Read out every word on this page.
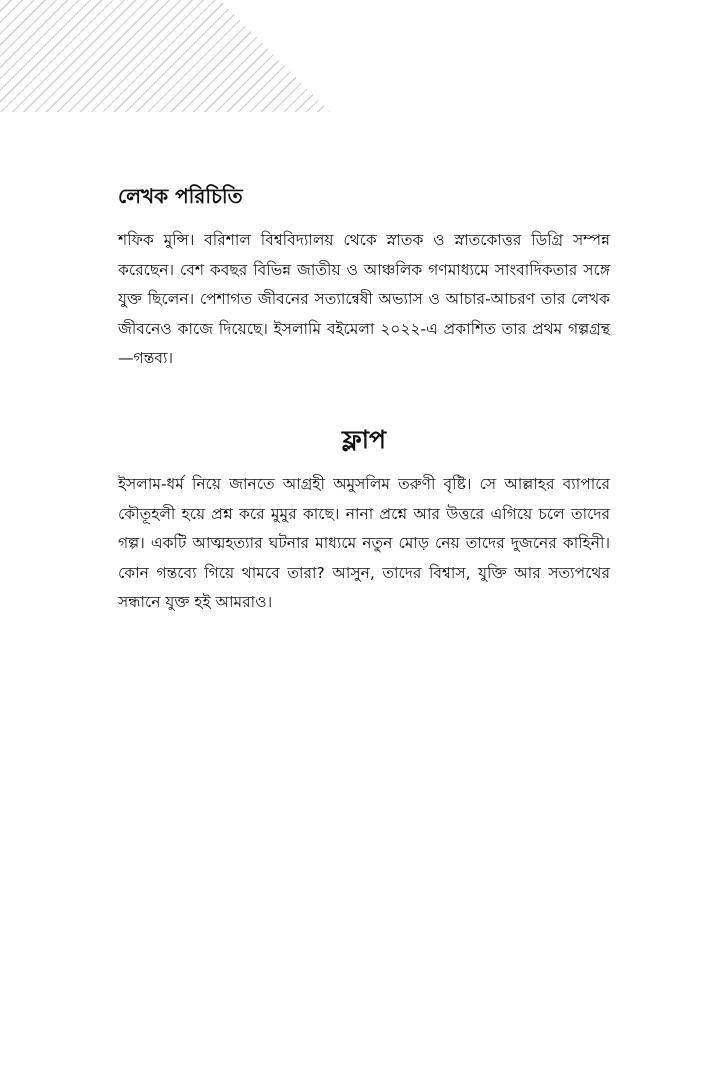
লেখক পরিচিতি

শফিক মুন্সি। বরিশাল বিশ্ববিদ্যালয় থেকে স্নাতক ও স্নাতকোত্তর ডিগ্রি সম্পন্ন করেছেন। বেশ কবছর বিভিন্ন জাতীয় ও আঞ্চলিক গণমাধ্যমে সাংবাদিকতার সঙ্গে যুক্ত ছিলেন। পেশাগত জীবনের সত্যান্বেষী অভ্যাস ও আচার-আচরণ তার লেখক জীবনেও কাজে দিয়েছে। ইসলামি বইমেলা ২০২২-এ প্রকাশিত তার প্রথম গল্পগ্রন্থ—গন্তব্য।

ফ্লাপ

ইসলাম-ধর্ম নিয়ে জানতে আগ্রহী অমুসলিম তরুণী বৃষ্টি। সে আল্লাহর ব্যাপারে কৌতূহলী হয়ে প্রশ্ন করে মুমুর কাছে। নানা প্রশ্নে আর উত্তরে এগিয়ে চলে তাদের গল্প। একটি আত্মহত্যার ঘটনার মাধ্যমে নতুন মোড় নেয় তাদের দুজনের কাহিনী। কোন গন্তব্যে গিয়ে থামবে তারা? আসুন, তাদের বিশ্বাস, যুক্তি আর সত্যপথের সন্ধানে যুক্ত হই আমরাও।
